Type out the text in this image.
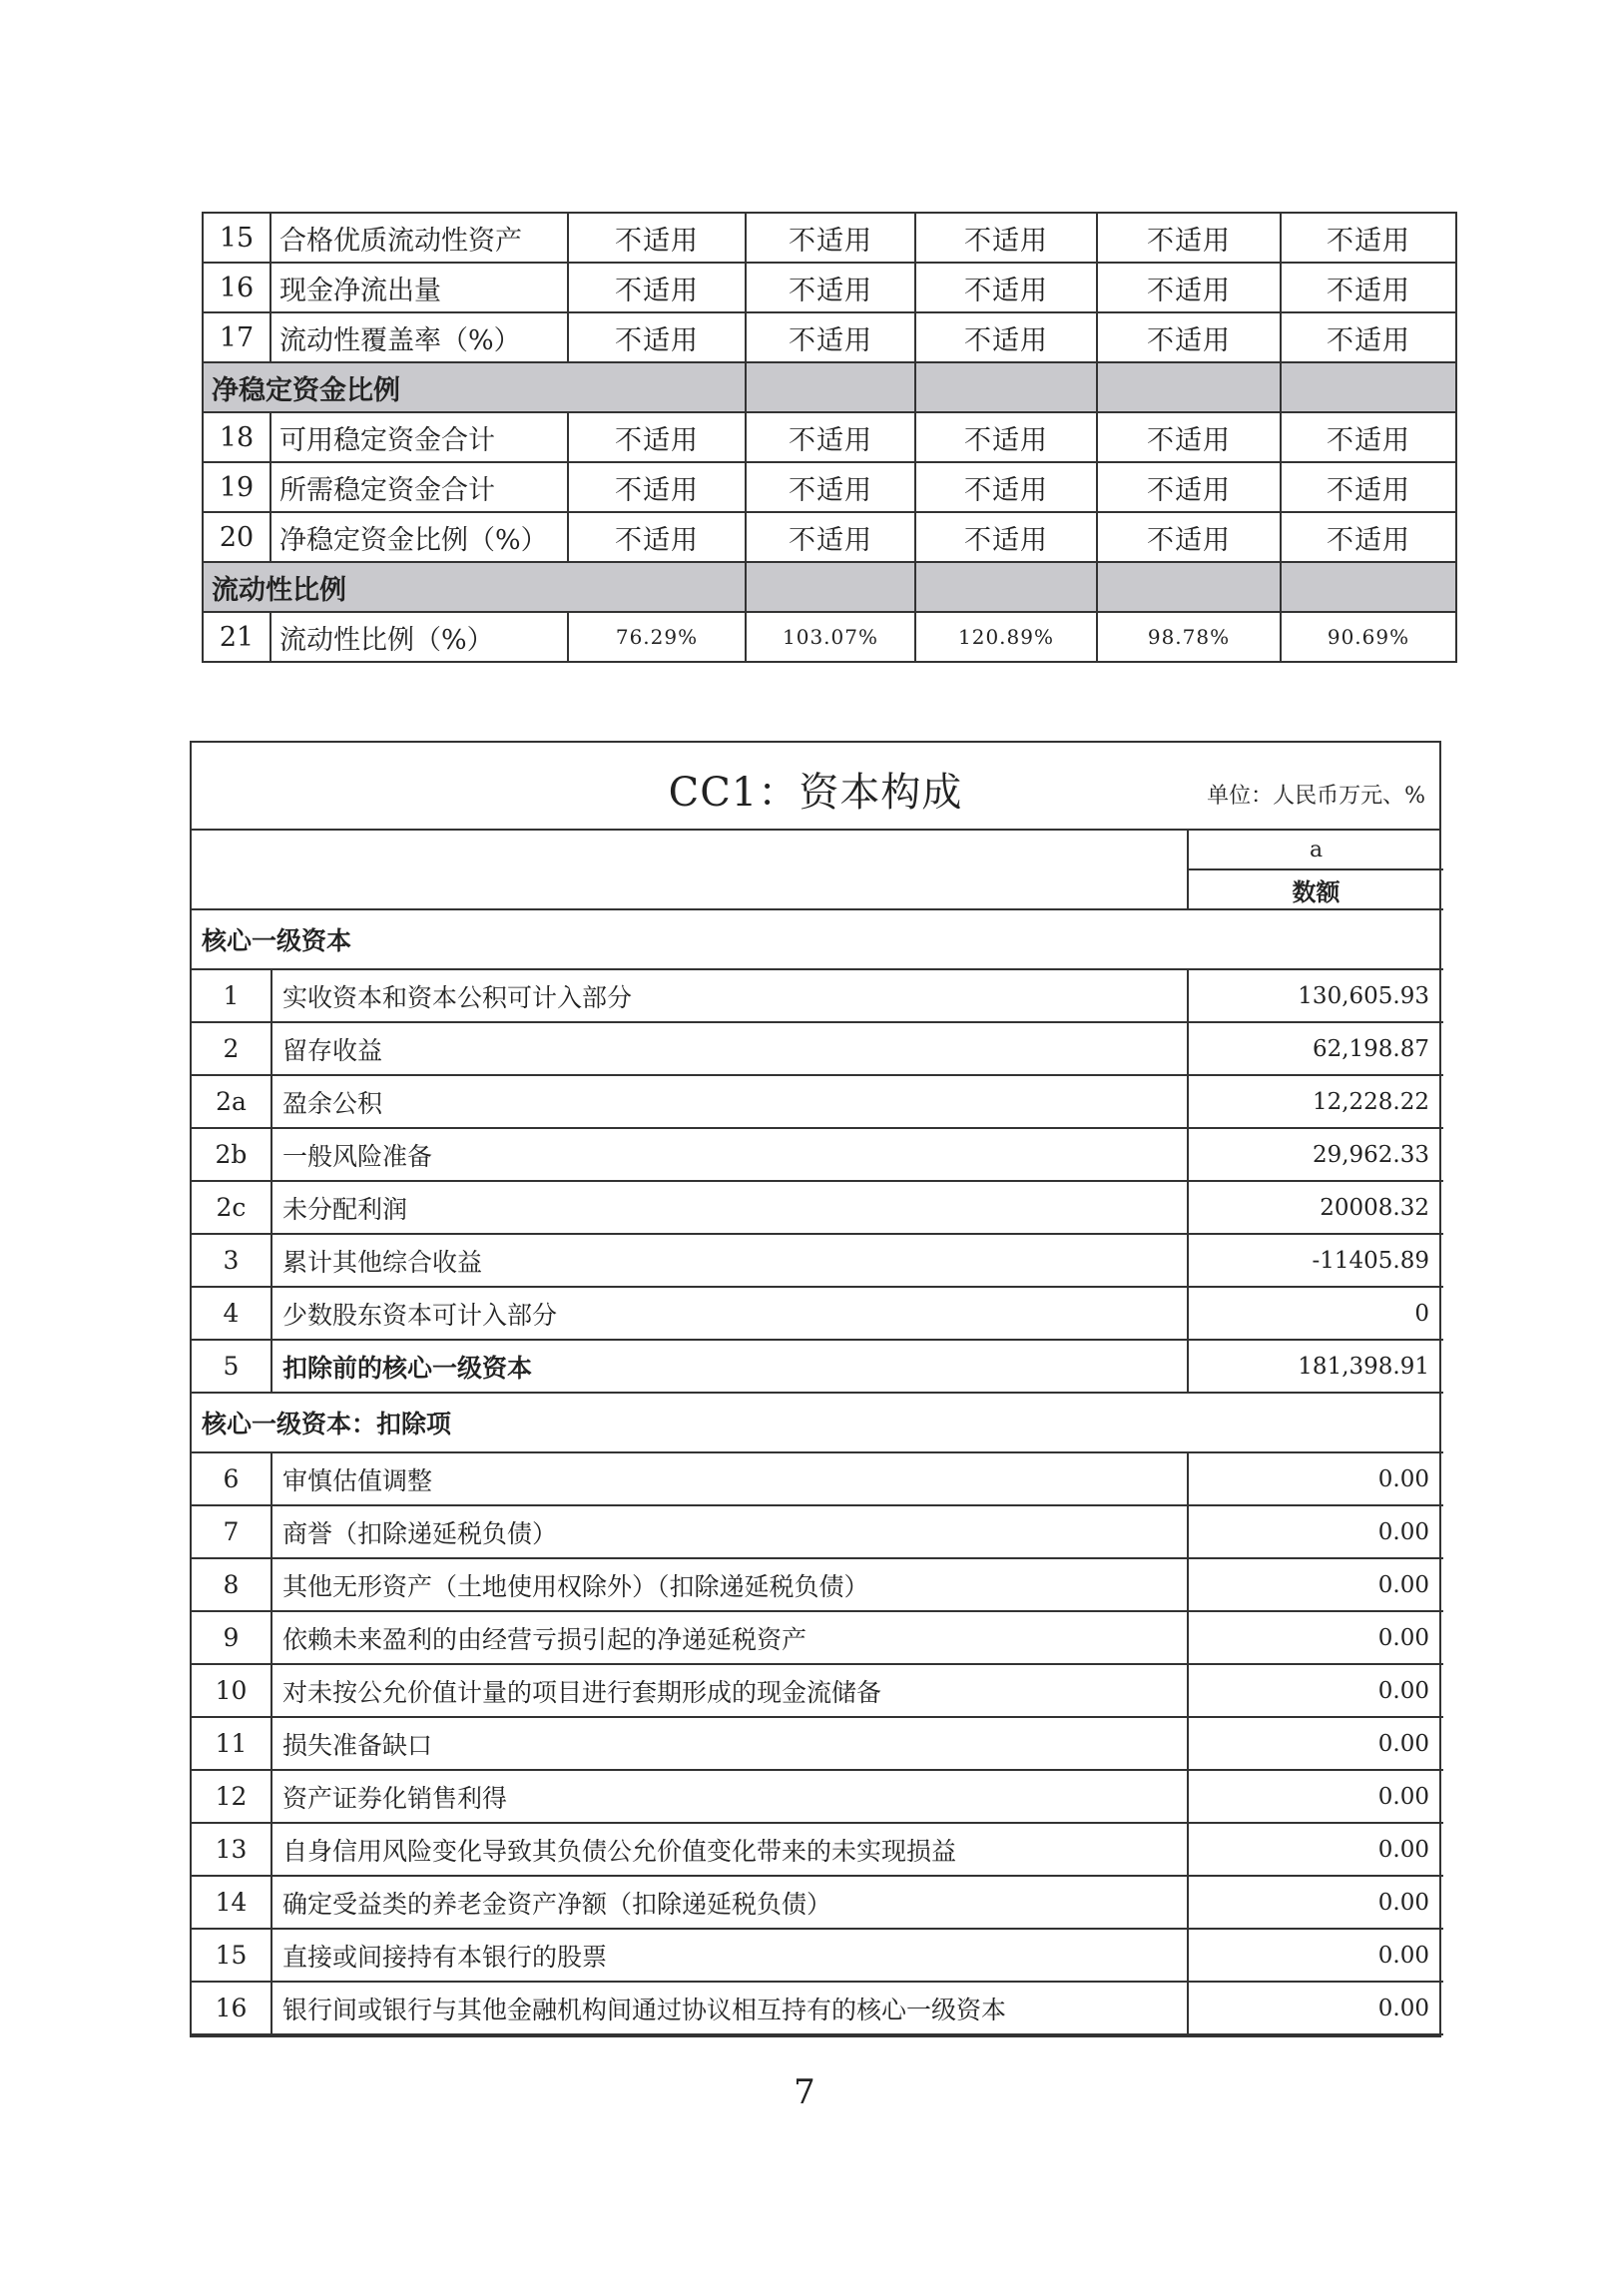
15	合格优质流动性资产	不适用	不适用	不适用	不适用	不适用
16	现金净流出量	不适用	不适用	不适用	不适用	不适用
17	流动性覆盖率（%）	不适用	不适用	不适用	不适用	不适用
净稳定资金比例						
18	可用稳定资金合计	不适用	不适用	不适用	不适用	不适用
19	所需稳定资金合计	不适用	不适用	不适用	不适用	不适用
20	净稳定资金比例（%）	不适用	不适用	不适用	不适用	不适用
流动性比例						
21	流动性比例（%）	76.29%	103.07%	120.89%	98.78%	90.69%
CC1：资本构成	单位：人民币万元、%
		a
		数额
核心一级资本		
1	实收资本和资本公积可计入部分	130,605.93
2	留存收益	62,198.87
2a	盈余公积	12,228.22
2b	一般风险准备	29,962.33
2c	未分配利润	20008.32
3	累计其他综合收益	-11405.89
4	少数股东资本可计入部分	0
5	扣除前的核心一级资本	181,398.91
核心一级资本：扣除项		
6	审慎估值调整	0.00
7	商誉（扣除递延税负债）	0.00
8	其他无形资产（土地使用权除外）（扣除递延税负债）	0.00
9	依赖未来盈利的由经营亏损引起的净递延税资产	0.00
10	对未按公允价值计量的项目进行套期形成的现金流储备	0.00
11	损失准备缺口	0.00
12	资产证券化销售利得	0.00
13	自身信用风险变化导致其负债公允价值变化带来的未实现损益	0.00
14	确定受益类的养老金资产净额（扣除递延税负债）	0.00
15	直接或间接持有本银行的股票	0.00
16	银行间或银行与其他金融机构间通过协议相互持有的核心一级资本	0.00
7
